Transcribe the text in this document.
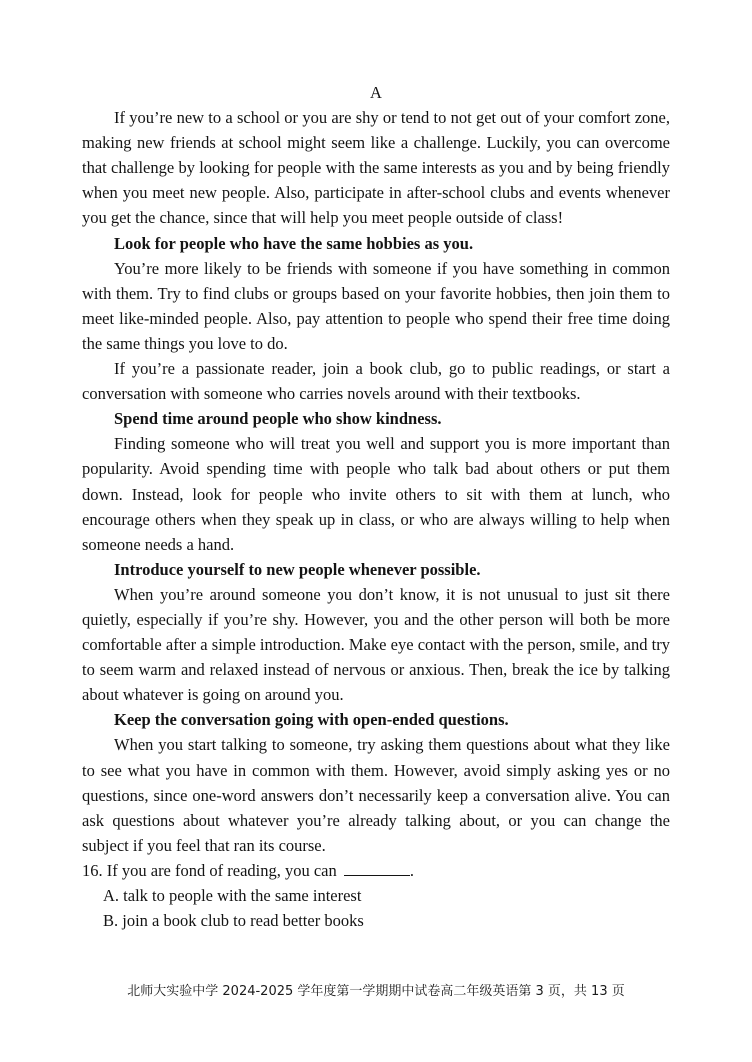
A

If you’re new to a school or you are shy or tend to not get out of your comfort zone, making new friends at school might seem like a challenge. Luckily, you can overcome that challenge by looking for people with the same interests as you and by being friendly when you meet new people. Also, participate in after-school clubs and events whenever you get the chance, since that will help you meet people outside of class!

Look for people who have the same hobbies as you.

You’re more likely to be friends with someone if you have something in common with them. Try to find clubs or groups based on your favorite hobbies, then join them to meet like-minded people. Also, pay attention to people who spend their free time doing the same things you love to do.

If you’re a passionate reader, join a book club, go to public readings, or start a conversation with someone who carries novels around with their textbooks.

Spend time around people who show kindness.

Finding someone who will treat you well and support you is more important than popularity. Avoid spending time with people who talk bad about others or put them down. Instead, look for people who invite others to sit with them at lunch, who encourage others when they speak up in class, or who are always willing to help when someone needs a hand.

Introduce yourself to new people whenever possible.

When you’re around someone you don’t know, it is not unusual to just sit there quietly, especially if you’re shy. However, you and the other person will both be more comfortable after a simple introduction. Make eye contact with the person, smile, and try to seem warm and relaxed instead of nervous or anxious. Then, break the ice by talking about whatever is going on around you.

Keep the conversation going with open-ended questions.

When you start talking to someone, try asking them questions about what they like to see what you have in common with them. However, avoid simply asking yes or no questions, since one-word answers don’t necessarily keep a conversation alive. You can ask questions about whatever you’re already talking about, or you can change the subject if you feel that ran its course.

16. If you are fond of reading, you can	.

A. talk to people with the same interest

B. join a book club to read better books

北师大实验中学 2024-2025 学年度第一学期期中试卷高二年级英语第 3 页，共 13 页
